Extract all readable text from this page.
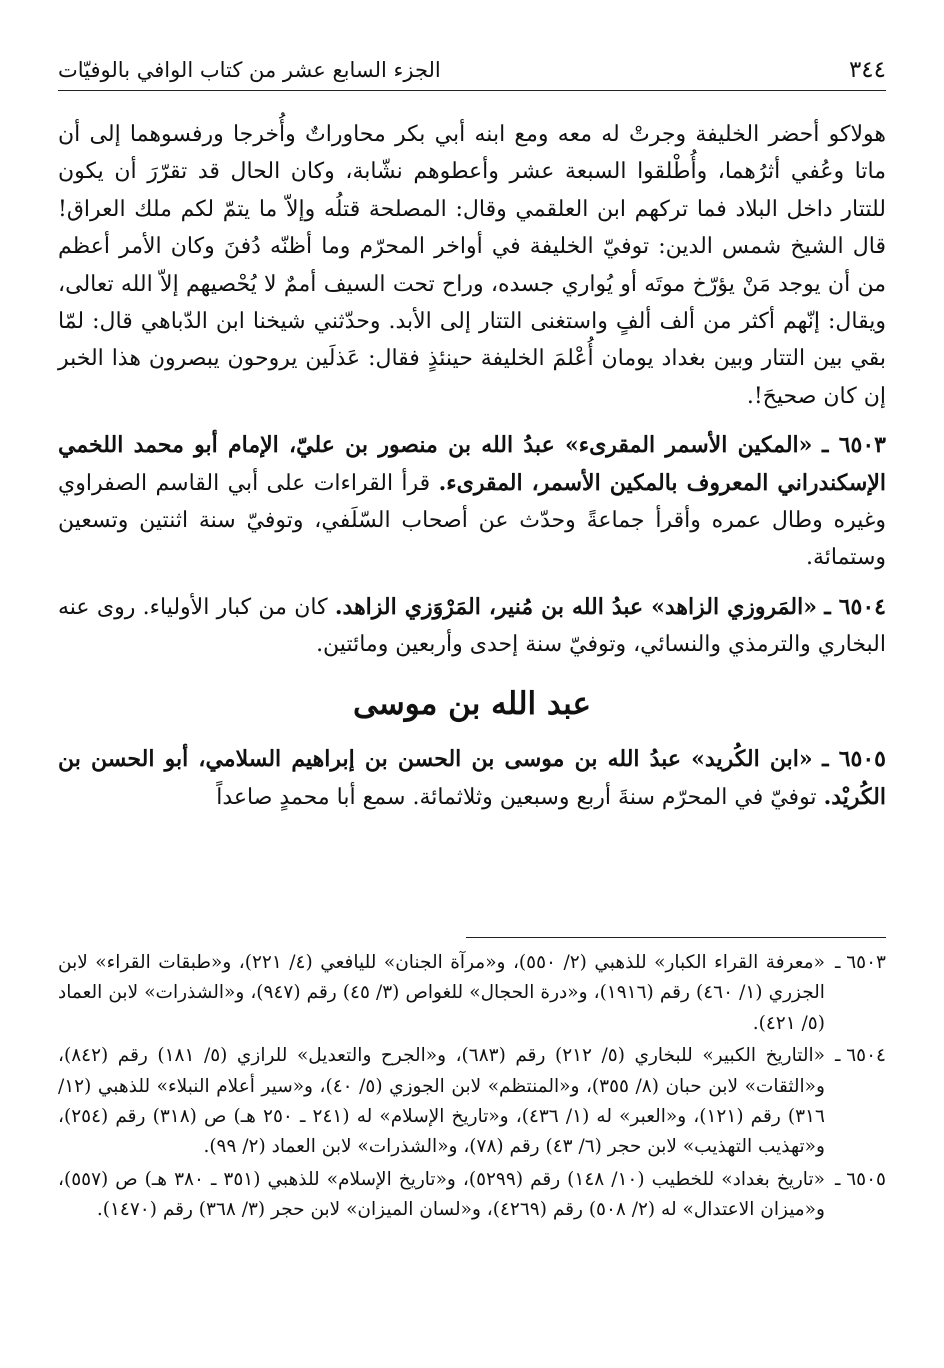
٣٤٤
الجزء السابع عشر من كتاب الوافي بالوفيّات

هولاكو أحضر الخليفة وجرتْ له معه ومع ابنه أبي بكر محاوراتٌ وأُخرجا ورفسوهما إلى أن ماتا وعُفي أثرُهما، وأُطْلقوا السبعة عشر وأعطوهم نشّابة، وكان الحال قد تقرّرَ أن يكون للتتار داخل البلاد فما تركهم ابن العلقمي وقال: المصلحة قتلُه وإلاّ ما يتمّ لكم ملك العراق! قال الشيخ شمس الدين: توفيّ الخليفة في أواخر المحرّم وما أظنّه دُفنَ وكان الأمر أعظم من أن يوجد مَنْ يؤرّخ موتَه أو يُواري جسده، وراح تحت السيف أممٌ لا يُحْصيهم إلاّ الله تعالى، ويقال: إنّهم أكثر من ألف ألفٍ واستغنى التتار إلى الأبد. وحدّثني شيخنا ابن الدّباهي قال: لمّا بقي بين التتار وبين بغداد يومان أُعْلمَ الخليفة حينئذٍ فقال: عَذلَين يروحون يبصرون هذا الخبر إن كان صحيحَ!.

٦٥٠٣ ـ «المكين الأسمر المقرىء» عبدُ الله بن منصور بن عليّ، الإمام أبو محمد اللخمي الإسكندراني المعروف بالمكين الأسمر، المقرىء. قرأ القراءات على أبي القاسم الصفراوي وغيره وطال عمره وأقرأ جماعةً وحدّث عن أصحاب السّلَفي، وتوفيّ سنة اثنتين وتسعين وستمائة.

٦٥٠٤ ـ «المَروزي الزاهد» عبدُ الله بن مُنير، المَرْوَزي الزاهد. كان من كبار الأولياء. روى عنه البخاري والترمذي والنسائي، وتوفيّ سنة إحدى وأربعين ومائتين.

عبد الله بن موسى

٦٥٠٥ ـ «ابن الكُريد» عبدُ الله بن موسى بن الحسن بن إبراهيم السلامي، أبو الحسن بن الكُريْد. توفيّ في المحرّم سنةَ أربع وسبعين وثلاثمائة. سمع أبا محمدٍ صاعداً

٦٥٠٣ ـ
«معرفة القراء الكبار» للذهبي (٢/ ٥٥٠)، و«مرآة الجنان» لليافعي (٤/ ٢٢١)، و«طبقات القراء» لابن الجزري (١/ ٤٦٠) رقم (١٩١٦)، و«درة الحجال» للغواص (٣/ ٤٥) رقم (٩٤٧)، و«الشذرات» لابن العماد (٥/ ٤٢١).
٦٥٠٤ ـ
«التاريخ الكبير» للبخاري (٥/ ٢١٢) رقم (٦٨٣)، و«الجرح والتعديل» للرازي (٥/ ١٨١) رقم (٨٤٢)، و«الثقات» لابن حبان (٨/ ٣٥٥)، و«المنتظم» لابن الجوزي (٥/ ٤٠)، و«سير أعلام النبلاء» للذهبي (١٢/ ٣١٦) رقم (١٢١)، و«العبر» له (١/ ٤٣٦)، و«تاريخ الإسلام» له (٢٤١ ـ ٢٥٠ هـ) ص (٣١٨) رقم (٢٥٤)، و«تهذيب التهذيب» لابن حجر (٦/ ٤٣) رقم (٧٨)، و«الشذرات» لابن العماد (٢/ ٩٩).
٦٥٠٥ ـ
«تاريخ بغداد» للخطيب (١٠/ ١٤٨) رقم (٥٢٩٩)، و«تاريخ الإسلام» للذهبي (٣٥١ ـ ٣٨٠ هـ) ص (٥٥٧)، و«ميزان الاعتدال» له (٢/ ٥٠٨) رقم (٤٢٦٩)، و«لسان الميزان» لابن حجر (٣/ ٣٦٨) رقم (١٤٧٠).
